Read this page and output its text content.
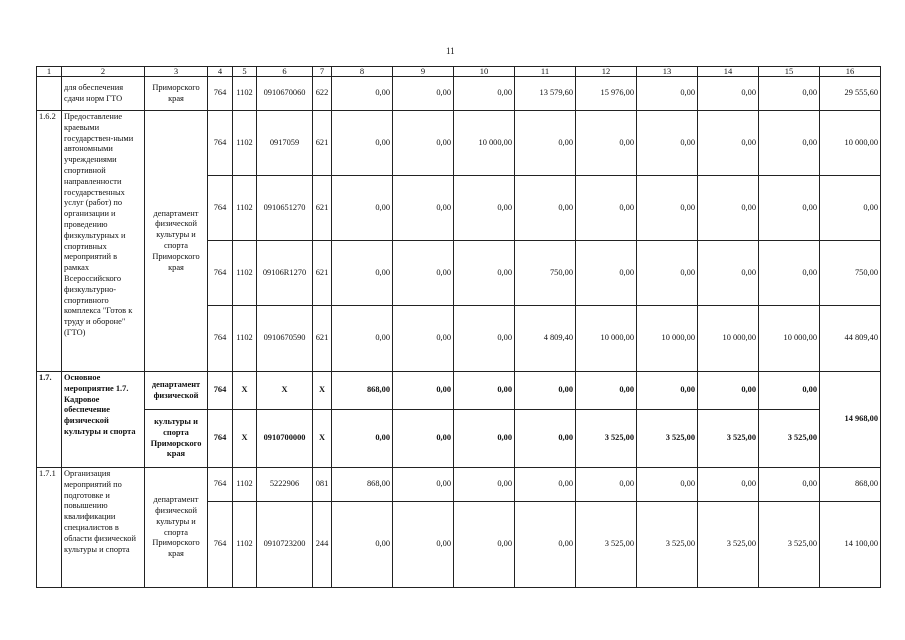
11
1	2	3	4	5	6	7	8	9	10	11	12	13	14	15	16
	для обеспечения сдачи норм ГТО	Приморского края	764	1102	0910670060	622	0,00	0,00	0,00	13 579,60	15 976,00	0,00	0,00	0,00	29 555,60
1.6.2	Предоставление краевыми государствен-ными автономными учреждениями спортивной направленности государственных услуг (работ) по организации и проведению физкультурных и спортивных мероприятий в рамках Всероссийского физкультурно-спортивного комплекса "Готов к труду и обороне" (ГТО)	департамент физической культуры и спорта Приморского края	764	1102	0917059	621	0,00	0,00	10 000,00	0,00	0,00	0,00	0,00	0,00	10 000,00
			764	1102	0910651270	621	0,00	0,00	0,00	0,00	0,00	0,00	0,00	0,00	0,00
			764	1102	09106R1270	621	0,00	0,00	0,00	750,00	0,00	0,00	0,00	0,00	750,00
			764	1102	0910670590	621	0,00	0,00	0,00	4 809,40	10 000,00	10 000,00	10 000,00	10 000,00	44 809,40
1.7.	Основное мероприятие 1.7. Кадровое обеспечение физической культуры и спорта	департамент физической	764	X	X	X	868,00	0,00	0,00	0,00	0,00	0,00	0,00	0,00	14 968,00
		культуры и спорта Приморского края	764	X	0910700000	X	0,00	0,00	0,00	0,00	3 525,00	3 525,00	3 525,00	3 525,00	
1.7.1	Организация мероприятий по подготовке и повышению квалификации специалистов в области физической культуры и спорта	департамент физической культуры и спорта Приморского края	764	1102	5222906	081	868,00	0,00	0,00	0,00	0,00	0,00	0,00	0,00	868,00
			764	1102	0910723200	244	0,00	0,00	0,00	0,00	3 525,00	3 525,00	3 525,00	3 525,00	14 100,00
